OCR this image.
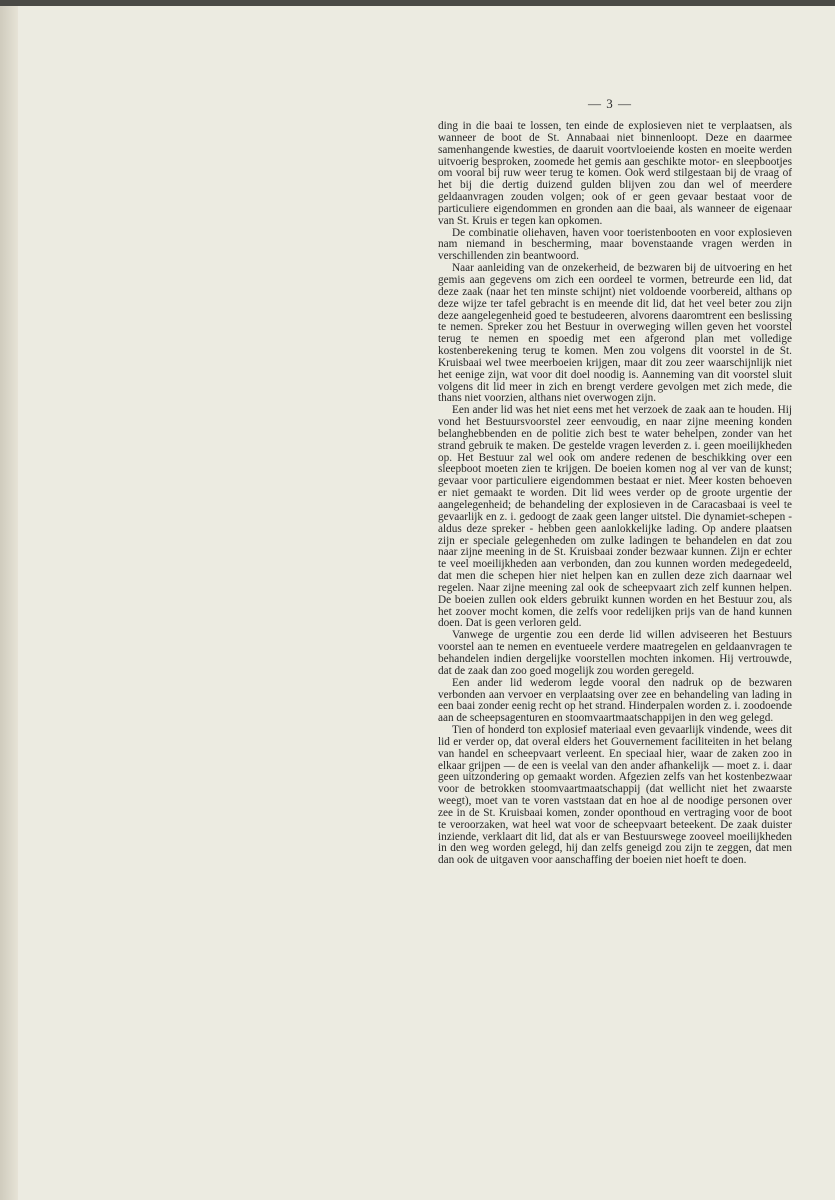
— 3 —

ding in die baai te lossen, ten einde de explosieven niet te verplaatsen, als wanneer de boot de St. Annabaai niet binnenloopt. Deze en daarmee samenhangende kwesties, de daaruit voortvloeiende kosten en moeite werden uitvoerig besproken, zoomede het gemis aan geschikte motor- en sleepbootjes om vooral bij ruw weer terug te komen. Ook werd stilgestaan bij de vraag of het bij die dertig duizend gulden blijven zou dan wel of meerdere geldaanvragen zouden volgen; ook of er geen gevaar bestaat voor de particuliere eigendommen en gronden aan die baai, als wanneer de eigenaar van St. Kruis er tegen kan opkomen.

De combinatie oliehaven, haven voor toeristenbooten en voor explosieven nam niemand in bescherming, maar bovenstaande vragen werden in verschillenden zin beantwoord.

Naar aanleiding van de onzekerheid, de bezwaren bij de uitvoering en het gemis aan gegevens om zich een oordeel te vormen, betreurde een lid, dat deze zaak (naar het ten minste schijnt) niet voldoende voorbereid, althans op deze wijze ter tafel gebracht is en meende dit lid, dat het veel beter zou zijn deze aangelegenheid goed te bestudeeren, alvorens daaromtrent een beslissing te nemen. Spreker zou het Bestuur in overweging willen geven het voorstel terug te nemen en spoedig met een afgerond plan met volledige kostenberekening terug te komen. Men zou volgens dit voorstel in de St. Kruisbaai wel twee meerboeien krijgen, maar dit zou zeer waarschijnlijk niet het eenige zijn, wat voor dit doel noodig is. Aanneming van dit voorstel sluit volgens dit lid meer in zich en brengt verdere gevolgen met zich mede, die thans niet voorzien, althans niet overwogen zijn.

Een ander lid was het niet eens met het verzoek de zaak aan te houden. Hij vond het Bestuursvoorstel zeer eenvoudig, en naar zijne meening konden belanghebbenden en de politie zich best te water behelpen, zonder van het strand gebruik te maken. De gestelde vragen leverden z. i. geen moeilijkheden op. Het Bestuur zal wel ook om andere redenen de beschikking over een sleepboot moeten zien te krijgen. De boeien komen nog al ver van de kunst; gevaar voor particuliere eigendommen bestaat er niet. Meer kosten behoeven er niet gemaakt te worden. Dit lid wees verder op de groote urgentie der aangelegenheid; de behandeling der explosieven in de Caracasbaai is veel te gevaarlijk en z. i. gedoogt de zaak geen langer uitstel. Die dynamiet-schepen - aldus deze spreker - hebben geen aanlokkelijke lading. Op andere plaatsen zijn er speciale gelegenheden om zulke ladingen te behandelen en dat zou naar zijne meening in de St. Kruisbaai zonder bezwaar kunnen. Zijn er echter te veel moeilijkheden aan verbonden, dan zou kunnen worden medegedeeld, dat men die schepen hier niet helpen kan en zullen deze zich daarnaar wel regelen. Naar zijne meening zal ook de scheepvaart zich zelf kunnen helpen. De boeien zullen ook elders gebruikt kunnen worden en het Bestuur zou, als het zoover mocht komen, die zelfs voor redelijken prijs van de hand kunnen doen. Dat is geen verloren geld.

Vanwege de urgentie zou een derde lid willen adviseeren het Bestuurs voorstel aan te nemen en eventueele verdere maatregelen en geldaanvragen te behandelen indien dergelijke voorstellen mochten inkomen. Hij vertrouwde, dat de zaak dan zoo goed mogelijk zou worden geregeld.

Een ander lid wederom legde vooral den nadruk op de bezwaren verbonden aan vervoer en verplaatsing over zee en behandeling van lading in een baai zonder eenig recht op het strand. Hinderpalen worden z. i. zoodoende aan de scheepsagenturen en stoomvaartmaatschappijen in den weg gelegd.

Tien of honderd ton explosief materiaal even gevaarlijk vindende, wees dit lid er verder op, dat overal elders het Gouvernement faciliteiten in het belang van handel en scheepvaart verleent. En speciaal hier, waar de zaken zoo in elkaar grijpen — de een is veelal van den ander afhankelijk — moet z. i. daar geen uitzondering op gemaakt worden. Afgezien zelfs van het kostenbezwaar voor de betrokken stoomvaartmaatschappij (dat wellicht niet het zwaarste weegt), moet van te voren vaststaan dat en hoe al de noodige personen over zee in de St. Kruisbaai komen, zonder oponthoud en vertraging voor de boot te veroorzaken, wat heel wat voor de scheepvaart beteekent. De zaak duister inziende, verklaart dit lid, dat als er van Bestuurswege zooveel moeilijkheden in den weg worden gelegd, hij dan zelfs geneigd zou zijn te zeggen, dat men dan ook de uitgaven voor aanschaffing der boeien niet hoeft te doen.
